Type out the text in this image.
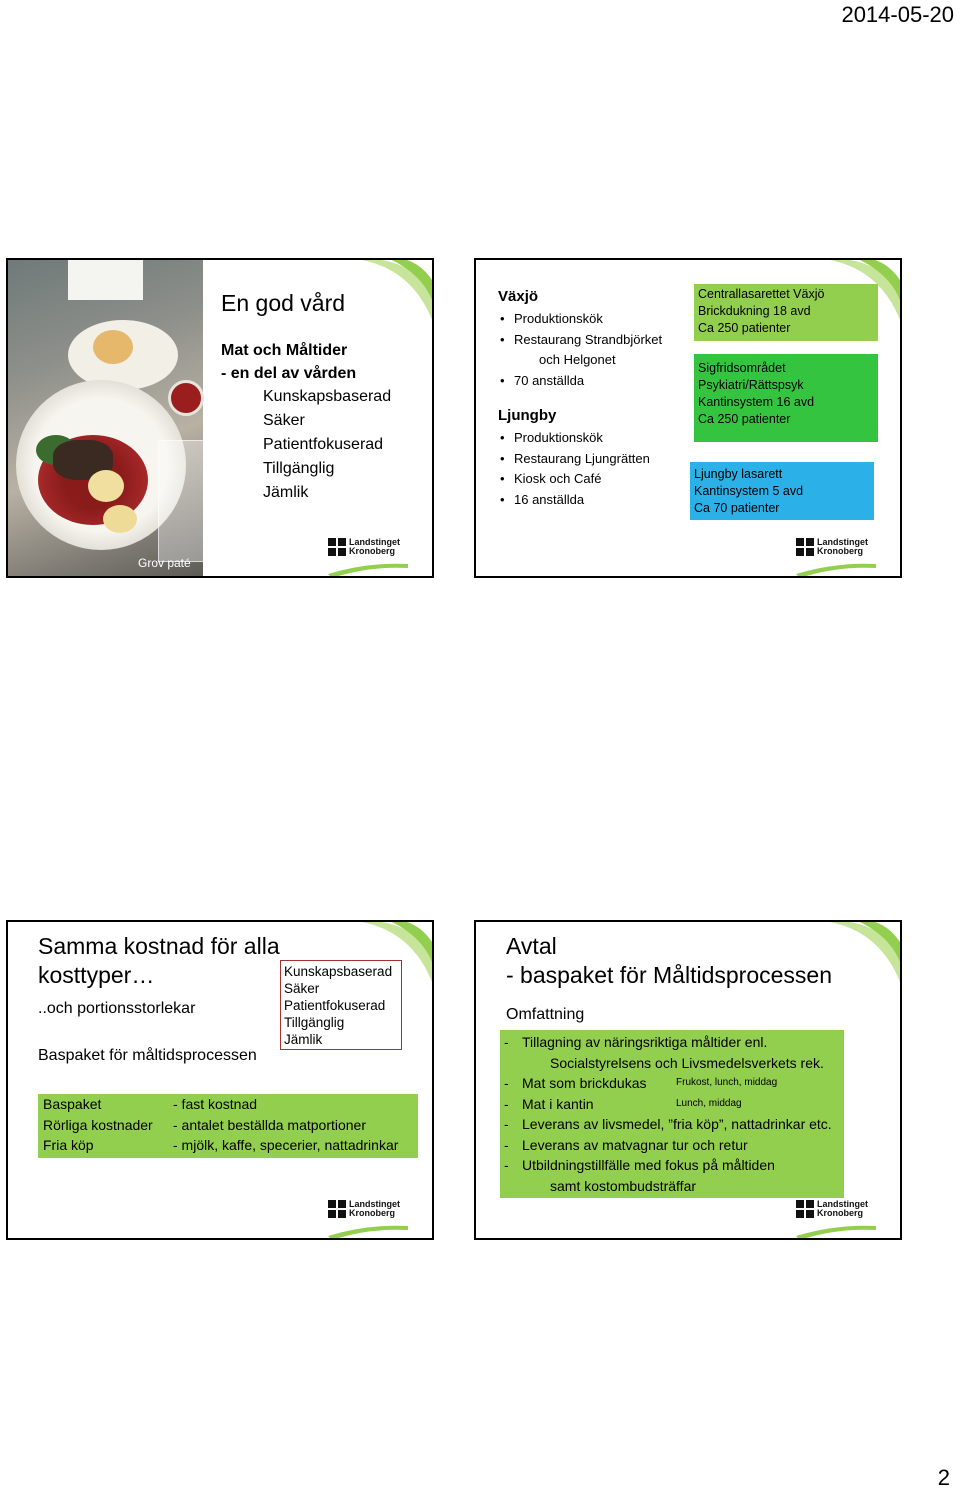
2014-05-20
Grov paté
En god vård
Mat och Måltider
- en del av vården
Kunskapsbaserad
Säker
Patientfokuserad
Tillgänglig
Jämlik
Landstinget
Kronoberg
Växjö
• Produktionskök
• Restaurang Strandbjörket
och Helgonet
• 70 anställda
Ljungby
• Produktionskök
• Restaurang Ljungrätten
• Kiosk och Café
• 16 anställda
Centrallasarettet Växjö
Brickdukning 18 avd
Ca 250 patienter
Sigfridsområdet
Psykiatri/Rättspsyk
Kantinsystem 16 avd
Ca 250 patienter
Ljungby lasarett
Kantinsystem 5 avd
Ca 70 patienter
Landstinget
Kronoberg
Samma kostnad för alla
kosttyper…
..och portionsstorlekar
Baspaket för måltidsprocessen
Kunskapsbaserad
Säker
Patientfokuserad
Tillgänglig
Jämlik
Baspaket	- fast kostnad
Rörliga kostnader	- antalet beställda matportioner
Fria köp	- mjölk, kaffe, specerier, nattadrinkar
Landstinget
Kronoberg
Avtal
- baspaket för Måltidsprocessen
Omfattning
- Tillagning av näringsriktiga måltider enl.
Socialstyrelsens och Livsmedelsverkets rek.
- Mat som brickdukas	Frukost, lunch, middag
- Mat i kantin	Lunch, middag
- Leverans av livsmedel, ”fria köp”, nattadrinkar etc.
- Leverans av matvagnar tur och retur
- Utbildningstillfälle med fokus på måltiden
samt kostombudsträffar
Landstinget
Kronoberg
2
